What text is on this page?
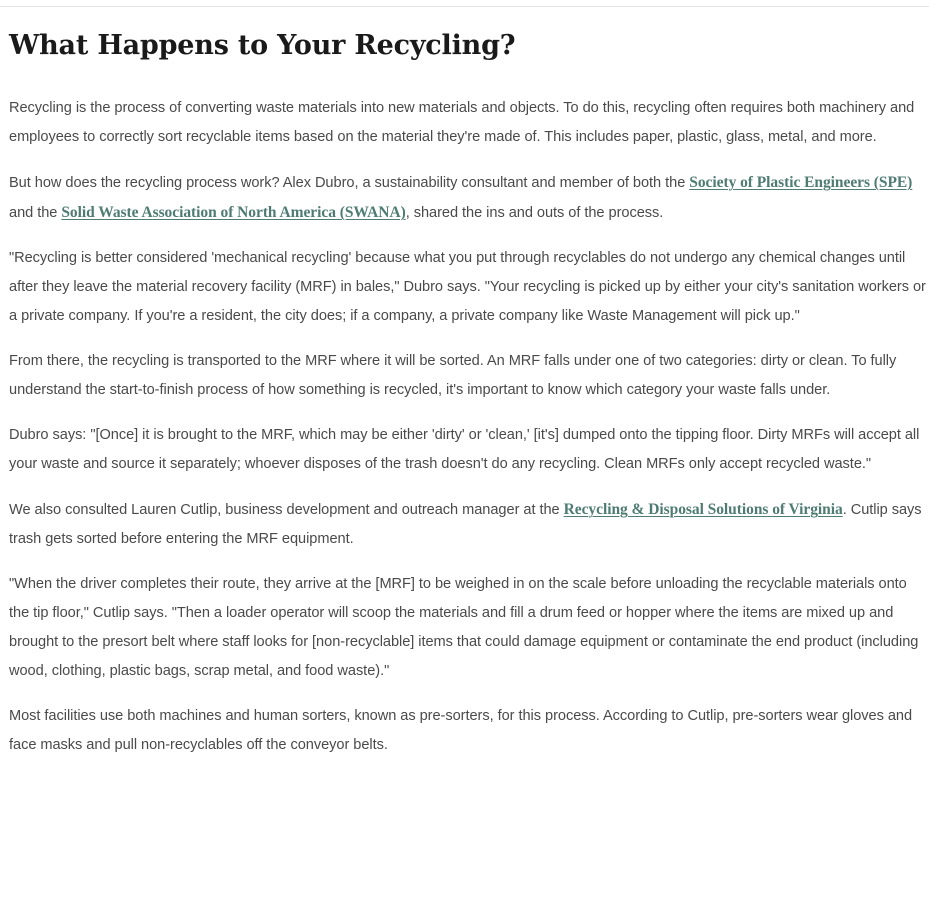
What Happens to Your Recycling?

Recycling is the process of converting waste materials into new materials and objects. To do this, recycling often requires both machinery and employees to correctly sort recyclable items based on the material they're made of. This includes paper, plastic, glass, metal, and more.

But how does the recycling process work? Alex Dubro, a sustainability consultant and member of both the Society of Plastic Engineers (SPE) and the Solid Waste Association of North America (SWANA), shared the ins and outs of the process.

"Recycling is better considered 'mechanical recycling' because what you put through recyclables do not undergo any chemical changes until after they leave the material recovery facility (MRF) in bales," Dubro says. "Your recycling is picked up by either your city's sanitation workers or a private company. If you're a resident, the city does; if a company, a private company like Waste Management will pick up."

From there, the recycling is transported to the MRF where it will be sorted. An MRF falls under one of two categories: dirty or clean. To fully understand the start-to-finish process of how something is recycled, it's important to know which category your waste falls under.

Dubro says: "[Once] it is brought to the MRF, which may be either 'dirty' or 'clean,' [it's] dumped onto the tipping floor. Dirty MRFs will accept all your waste and source it separately; whoever disposes of the trash doesn't do any recycling. Clean MRFs only accept recycled waste."

We also consulted Lauren Cutlip, business development and outreach manager at the Recycling & Disposal Solutions of Virginia. Cutlip says trash gets sorted before entering the MRF equipment.

"When the driver completes their route, they arrive at the [MRF] to be weighed in on the scale before unloading the recyclable materials onto the tip floor," Cutlip says. "Then a loader operator will scoop the materials and fill a drum feed or hopper where the items are mixed up and brought to the presort belt where staff looks for [non-recyclable] items that could damage equipment or contaminate the end product (including wood, clothing, plastic bags, scrap metal, and food waste)."

Most facilities use both machines and human sorters, known as pre-sorters, for this process. According to Cutlip, pre-sorters wear gloves and face masks and pull non-recyclables off the conveyor belts.
